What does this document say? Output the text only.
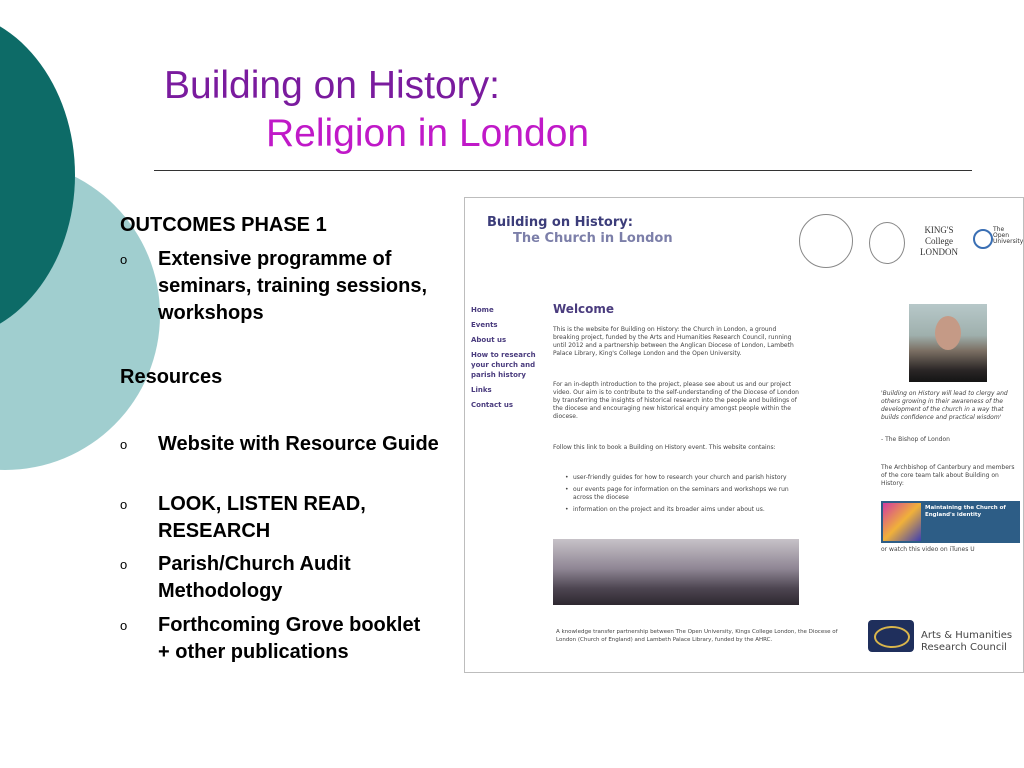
Building on History:
Religion in London
OUTCOMES PHASE 1
o Extensive programme of seminars, training sessions, workshops
Resources
o Website with Resource Guide
o LOOK, LISTEN READ, RESEARCH
o Parish/Church Audit Methodology
o Forthcoming Grove booklet + other publications
Building on History:
The Church in London
KING'S College LONDON
The Open University
Home
Events
About us
How to research your church and parish history
Links
Contact us
Welcome
This is the website for Building on History: the Church in London, a ground breaking project, funded by the Arts and Humanities Research Council, running until 2012 and a partnership between the Anglican Diocese of London, Lambeth Palace Library, King's College London and the Open University.
For an in-depth introduction to the project, please see about us and our project video. Our aim is to contribute to the self-understanding of the Diocese of London by transferring the insights of historical research into the people and buildings of the diocese and encouraging new historical enquiry amongst people within the diocese.
Follow this link to book a Building on History event. This website contains:
• user-friendly guides for how to research your church and parish history
• our events page for information on the seminars and workshops we run across the diocese
• information on the project and its broader aims under about us.
A knowledge transfer partnership between The Open University, Kings College London, the Diocese of London (Church of England) and Lambeth Palace Library, funded by the AHRC.
'Building on History will lead to clergy and others growing in their awareness of the development of the church in a way that builds confidence and practical wisdom'
- The Bishop of London
The Archbishop of Canterbury and members of the core team talk about Building on History:
Maintaining the Church of England's identity
or watch this video on iTunes U
Arts & Humanities
Research Council
